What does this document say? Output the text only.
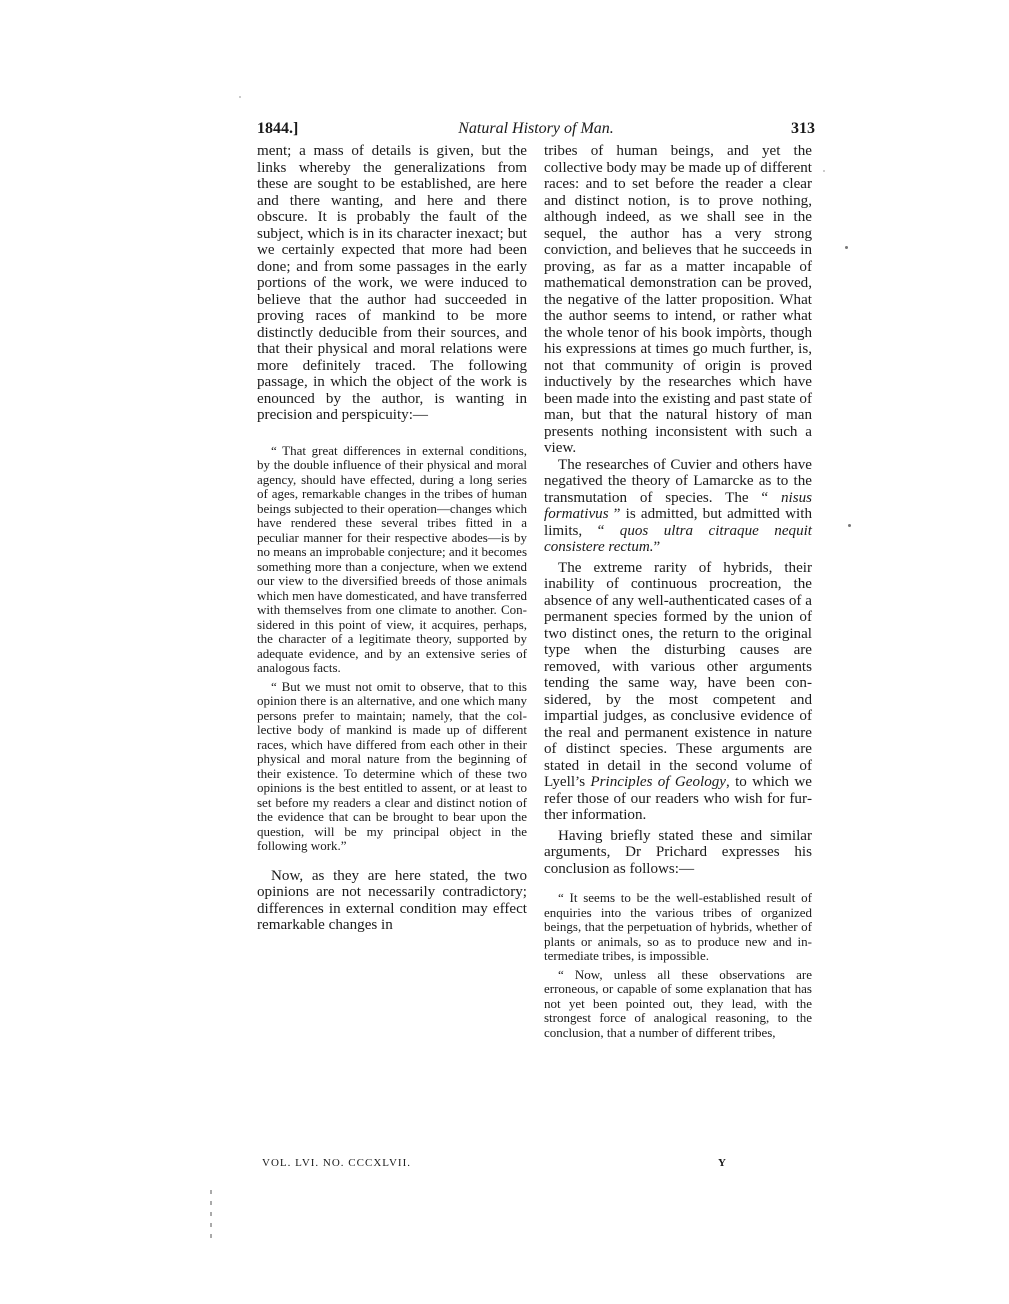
1844.]	Natural History of Man.	313

ment; a mass of details is given, but the links whereby the generalizations from these are sought to be established, are here and there wanting, and here and there obscure. It is probably the fault of the subject, which is in its character inexact; but we certainly expected that more had been done; and from some passages in the early portions of the work, we were induced to believe that the author had succeeded in proving races of mankind to be more distinctly deducible from their sources, and that their physical and moral relations were more definitely traced. The following passage, in which the object of the work is enounced by the author, is wanting in precision and perspicuity:—

“ That great differences in external conditions, by the double influence of their physical and moral agency, should have effected, during a long series of ages, remarkable changes in the tribes of human beings subjected to their operation—changes which have rendered these several tribes fitted in a peculiar manner for their respective abodes—is by no means an improbable conjecture; and it becomes something more than a conjecture, when we extend our view to the diversified breeds of those animals which men have domesticated, and have transferred with themselves from one climate to another. Considered in this point of view, it acquires, perhaps, the character of a legitimate theory, supported by adequate evidence, and by an extensive series of analogous facts.

“ But we must not omit to observe, that to this opinion there is an alternative, and one which many persons prefer to maintain; namely, that the collective body of mankind is made up of different races, which have differed from each other in their physical and moral nature from the beginning of their existence. To determine which of these two opinions is the best entitled to assent, or at least to set before my readers a clear and distinct notion of the evidence that can be brought to bear upon the question, will be my principal object in the following work.”

Now, as they are here stated, the two opinions are not necessarily contradictory; differences in external condition may effect remarkable changes in

tribes of human beings, and yet the collective body may be made up of different races: and to set before the reader a clear and distinct notion, is to prove nothing, although indeed, as we shall see in the sequel, the author has a very strong conviction, and believes that he succeeds in proving, as far as a matter incapable of mathematical demonstration can be proved, the negative of the latter proposition. What the author seems to intend, or rather what the whole tenor of his book impòrts, though his expressions at times go much further, is, not that community of origin is proved inductively by the researches which have been made into the existing and past state of man, but that the natural history of man presents nothing inconsistent with such a view.

The researches of Cuvier and others have negatived the theory of Lamarcke as to the transmutation of species. The “ nisus formativus ” is admitted, but admitted with limits, “ quos ultra citraque nequit consistere rectum.”

The extreme rarity of hybrids, their inability of continuous procreation, the absence of any well-authenticated cases of a permanent species formed by the union of two distinct ones, the return to the original type when the disturbing causes are removed, with various other arguments tending the same way, have been considered, by the most competent and impartial judges, as conclusive evidence of the real and permanent existence in nature of distinct species. These arguments are stated in detail in the second volume of Lyell’s Principles of Geology, to which we refer those of our readers who wish for further information.

Having briefly stated these and similar arguments, Dr Prichard expresses his conclusion as follows:—

“ It seems to be the well-established result of enquiries into the various tribes of organized beings, that the perpetuation of hybrids, whether of plants or animals, so as to produce new and intermediate tribes, is impossible.

“ Now, unless all these observations are erroneous, or capable of some explanation that has not yet been pointed out, they lead, with the strongest force of analogical reasoning, to the conclusion, that a number of different tribes,

VOL. LVI. NO. CCCXLVII.	Y
